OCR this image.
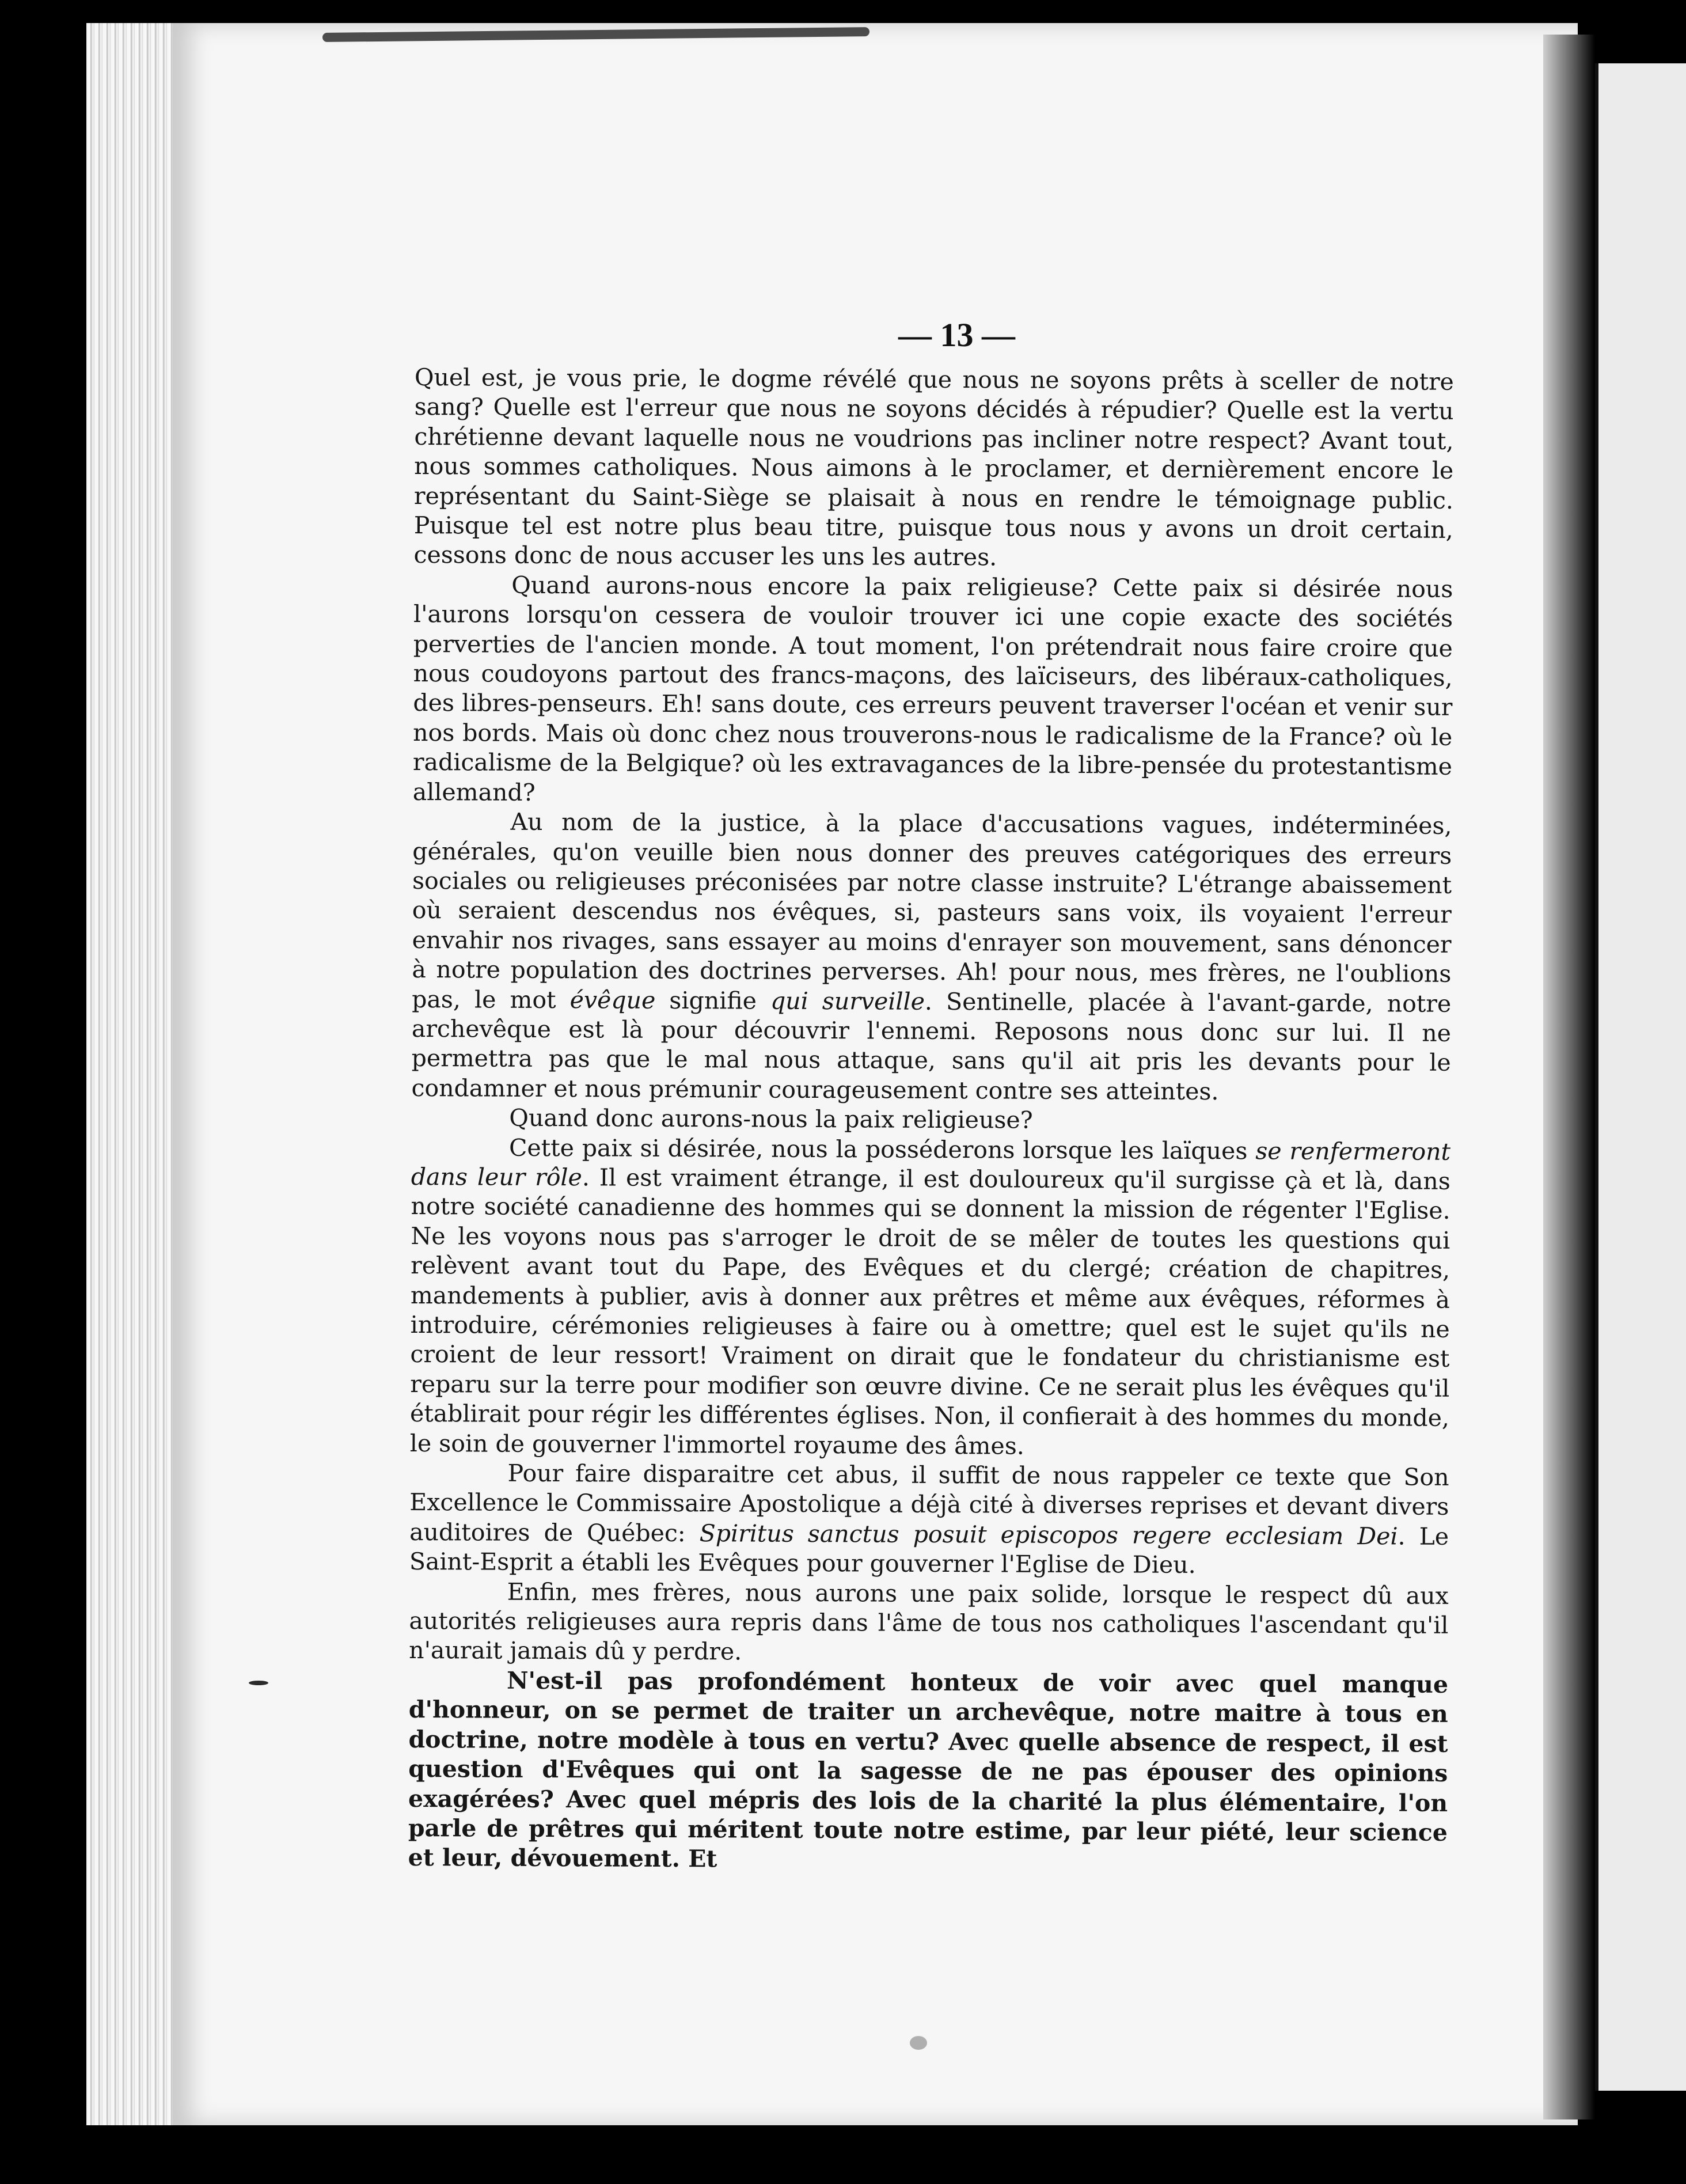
— 13 —

Quel est, je vous prie, le dogme révélé que nous ne soyons prêts à sceller de notre sang? Quelle est l'erreur que nous ne soyons décidés à répudier? Quelle est la vertu chrétienne devant laquelle nous ne voudrions pas incliner notre respect? Avant tout, nous sommes catholiques. Nous aimons à le proclamer, et dernièrement encore le représentant du Saint-Siège se plaisait à nous en rendre le témoignage public. Puisque tel est notre plus beau titre, puisque tous nous y avons un droit certain, cessons donc de nous accuser les uns les autres.

Quand aurons-nous encore la paix religieuse? Cette paix si désirée nous l'aurons lorsqu'on cessera de vouloir trouver ici une copie exacte des sociétés perverties de l'ancien monde. A tout moment, l'on prétendrait nous faire croire que nous coudoyons partout des francs-maçons, des laïciseurs, des libéraux-catholiques, des libres-penseurs. Eh! sans doute, ces erreurs peuvent traverser l'océan et venir sur nos bords. Mais où donc chez nous trouverons-nous le radicalisme de la France? où le radicalisme de la Belgique? où les extravagances de la libre-pensée du protestantisme allemand?

Au nom de la justice, à la place d'accusations vagues, indéterminées, générales, qu'on veuille bien nous donner des preuves catégoriques des erreurs sociales ou religieuses préconisées par notre classe instruite? L'étrange abaissement où seraient descendus nos évêques, si, pasteurs sans voix, ils voyaient l'erreur envahir nos rivages, sans essayer au moins d'enrayer son mouvement, sans dénoncer à notre population des doctrines perverses. Ah! pour nous, mes frères, ne l'oublions pas, le mot évêque signifie qui surveille. Sentinelle, placée à l'avant-garde, notre archevêque est là pour découvrir l'ennemi. Reposons nous donc sur lui. Il ne permettra pas que le mal nous attaque, sans qu'il ait pris les devants pour le condamner et nous prémunir courageusement contre ses atteintes.

Quand donc aurons-nous la paix religieuse?

Cette paix si désirée, nous la posséderons lorsque les laïques se renfermeront dans leur rôle. Il est vraiment étrange, il est douloureux qu'il surgisse çà et là, dans notre société canadienne des hommes qui se donnent la mission de régenter l'Eglise. Ne les voyons nous pas s'arroger le droit de se mêler de toutes les questions qui relèvent avant tout du Pape, des Evêques et du clergé; création de chapitres, mandements à publier, avis à donner aux prêtres et même aux évêques, réformes à introduire, cérémonies religieuses à faire ou à omettre; quel est le sujet qu'ils ne croient de leur ressort! Vraiment on dirait que le fondateur du christianisme est reparu sur la terre pour modifier son œuvre divine. Ce ne serait plus les évêques qu'il établirait pour régir les différentes églises. Non, il confierait à des hommes du monde, le soin de gouverner l'immortel royaume des âmes.

Pour faire disparaitre cet abus, il suffit de nous rappeler ce texte que Son Excellence le Commissaire Apostolique a déjà cité à diverses reprises et devant divers auditoires de Québec: Spiritus sanctus posuit episcopos regere ecclesiam Dei. Le Saint-Esprit a établi les Evêques pour gouverner l'Eglise de Dieu.

Enfin, mes frères, nous aurons une paix solide, lorsque le respect dû aux autorités religieuses aura repris dans l'âme de tous nos catholiques l'ascendant qu'il n'aurait jamais dû y perdre.

N'est-il pas profondément honteux de voir avec quel manque d'honneur, on se permet de traiter un archevêque, notre maitre à tous en doctrine, notre modèle à tous en vertu? Avec quelle absence de respect, il est question d'Evêques qui ont la sagesse de ne pas épouser des opinions exagérées? Avec quel mépris des lois de la charité la plus élémentaire, l'on parle de prêtres qui méritent toute notre estime, par leur piété, leur science et leur, dévouement. Et
